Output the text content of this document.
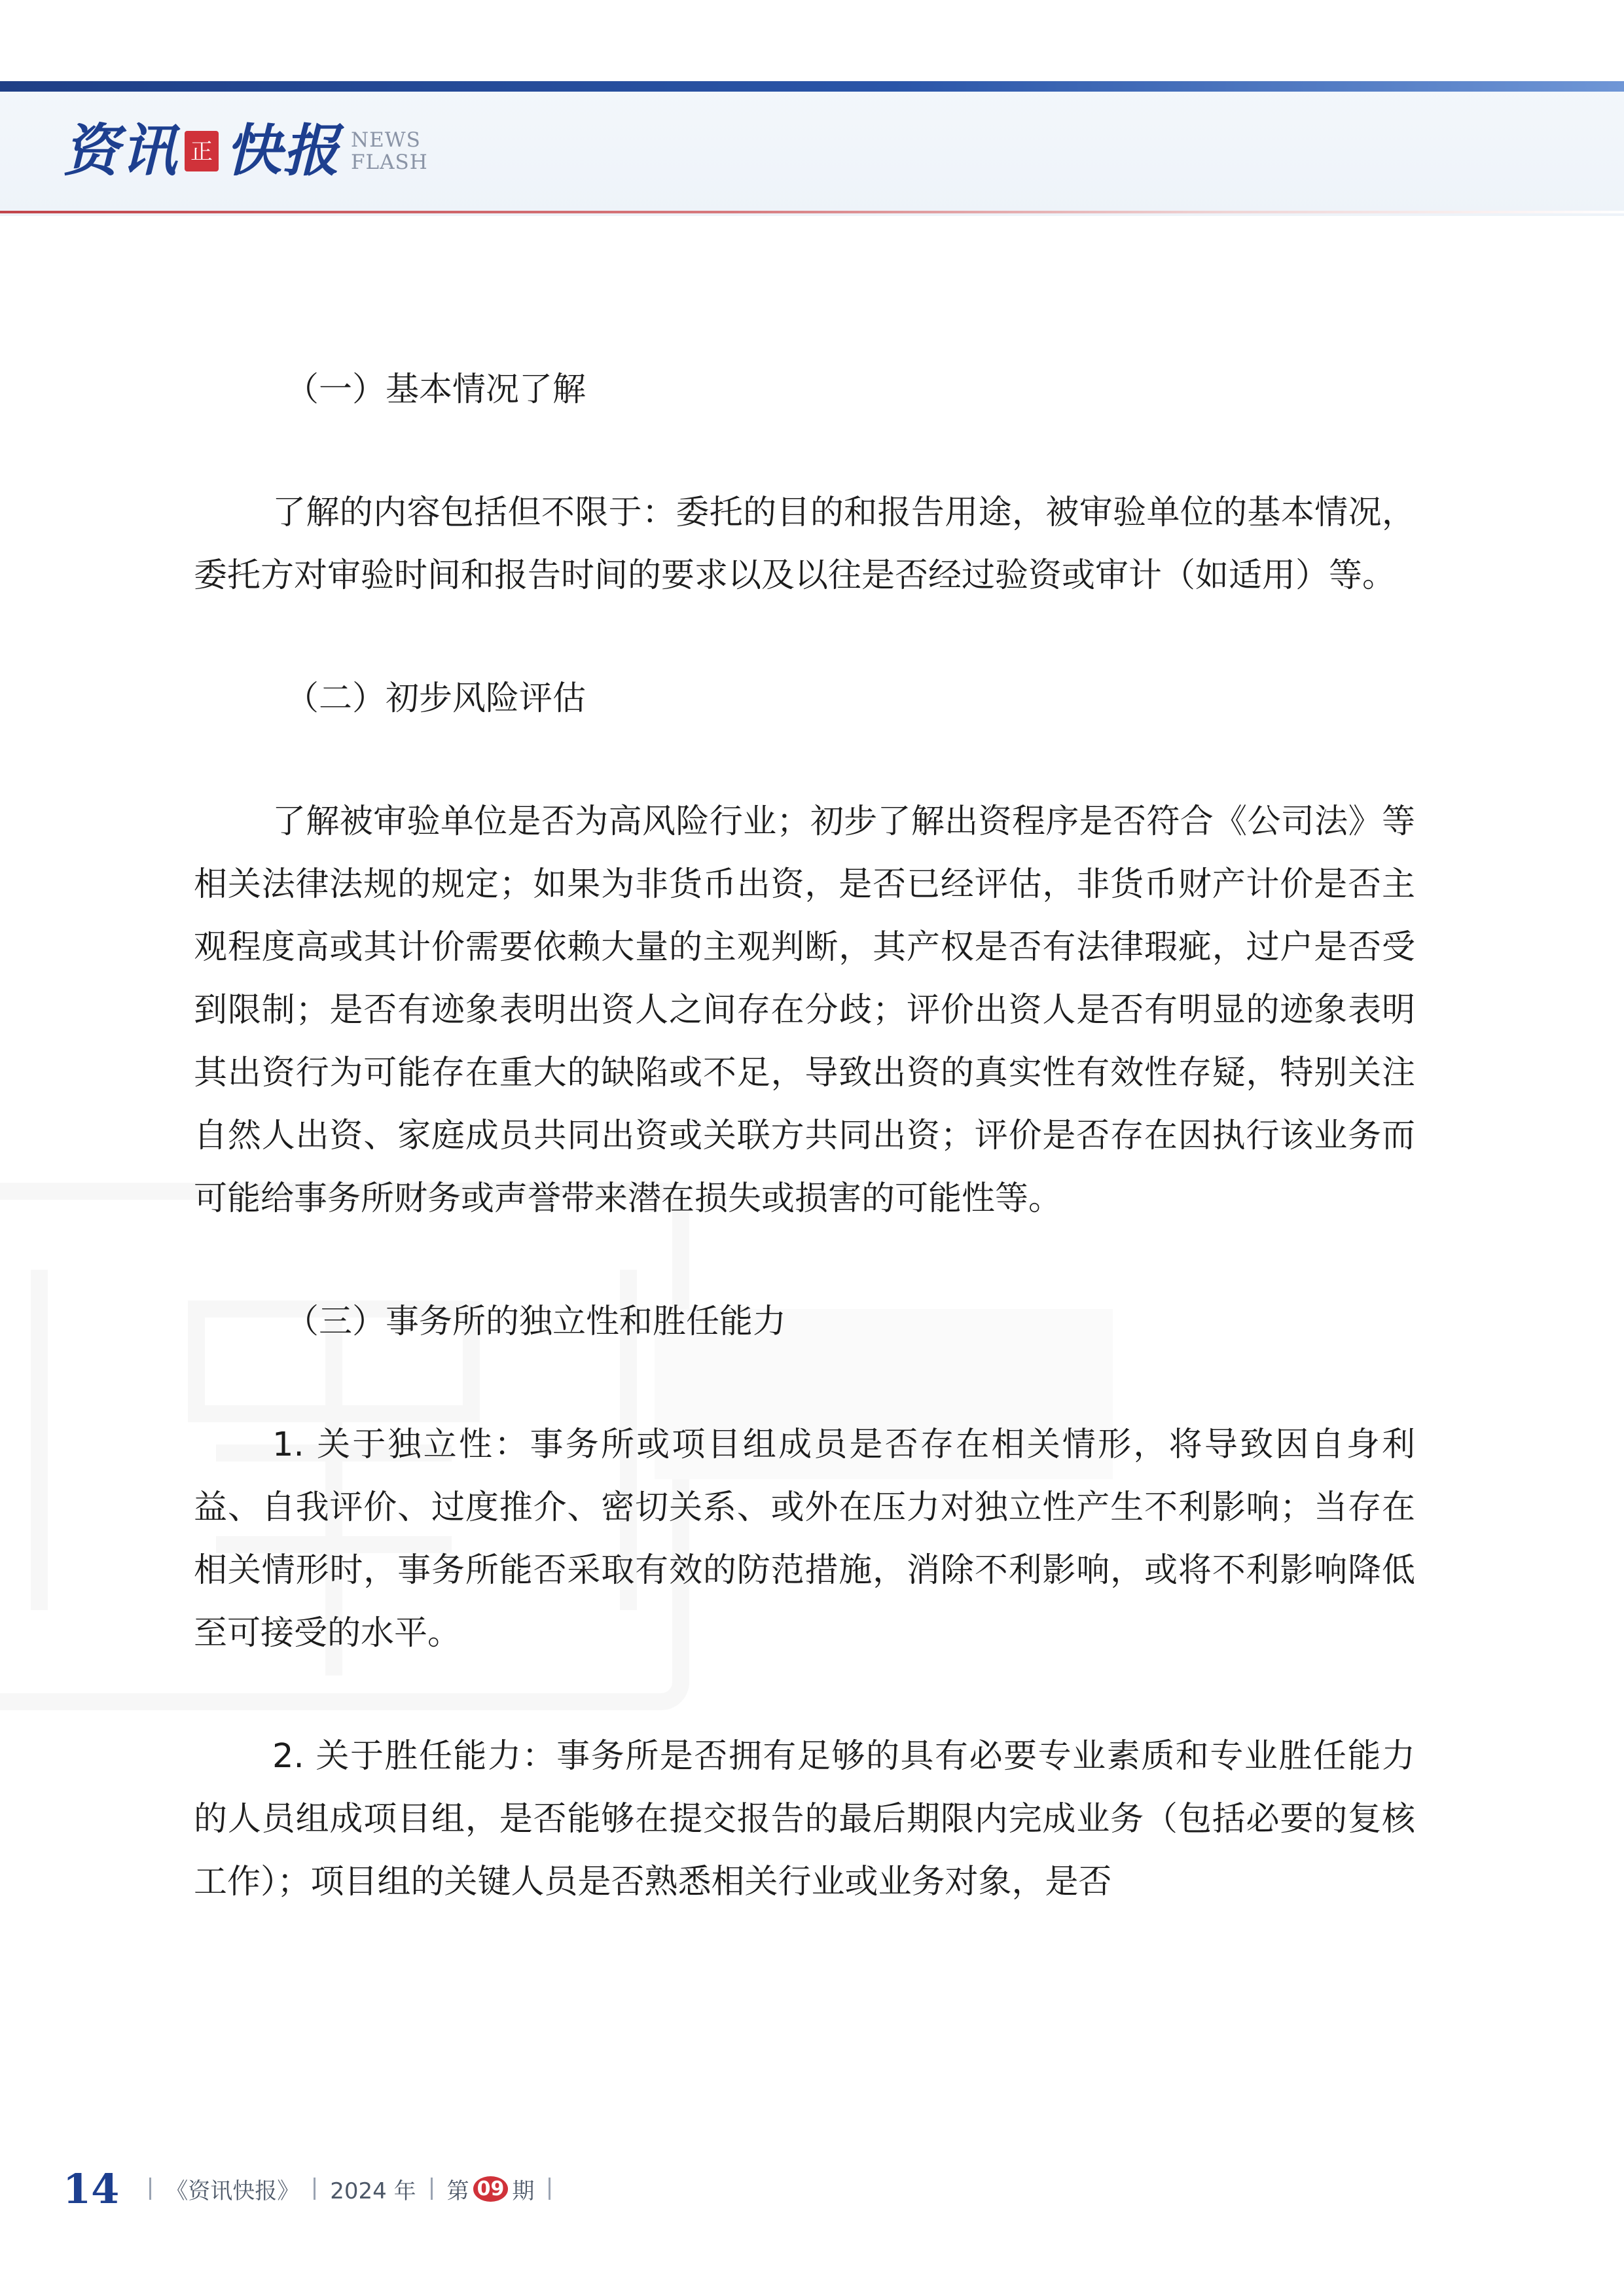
资讯 正 快报 NEWS
FLASH

（一）基本情况了解

了解的内容包括但不限于：委托的目的和报告用途，被审验单位的基本情况，委托方对审验时间和报告时间的要求以及以往是否经过验资或审计（如适用）等。

（二）初步风险评估

了解被审验单位是否为高风险行业；初步了解出资程序是否符合《公司法》等相关法律法规的规定；如果为非货币出资，是否已经评估，非货币财产计价是否主观程度高或其计价需要依赖大量的主观判断，其产权是否有法律瑕疵，过户是否受到限制；是否有迹象表明出资人之间存在分歧；评价出资人是否有明显的迹象表明其出资行为可能存在重大的缺陷或不足，导致出资的真实性有效性存疑，特别关注自然人出资、家庭成员共同出资或关联方共同出资；评价是否存在因执行该业务而可能给事务所财务或声誉带来潜在损失或损害的可能性等。

（三）事务所的独立性和胜任能力

1. 关于独立性：事务所或项目组成员是否存在相关情形，将导致因自身利益、自我评价、过度推介、密切关系、或外在压力对独立性产生不利影响；当存在相关情形时，事务所能否采取有效的防范措施，消除不利影响，或将不利影响降低至可接受的水平。

2. 关于胜任能力：事务所是否拥有足够的具有必要专业素质和专业胜任能力的人员组成项目组，是否能够在提交报告的最后期限内完成业务（包括必要的复核工作）；项目组的关键人员是否熟悉相关行业或业务对象，是否

14 《资讯快报》 2024 年 第 09 期
